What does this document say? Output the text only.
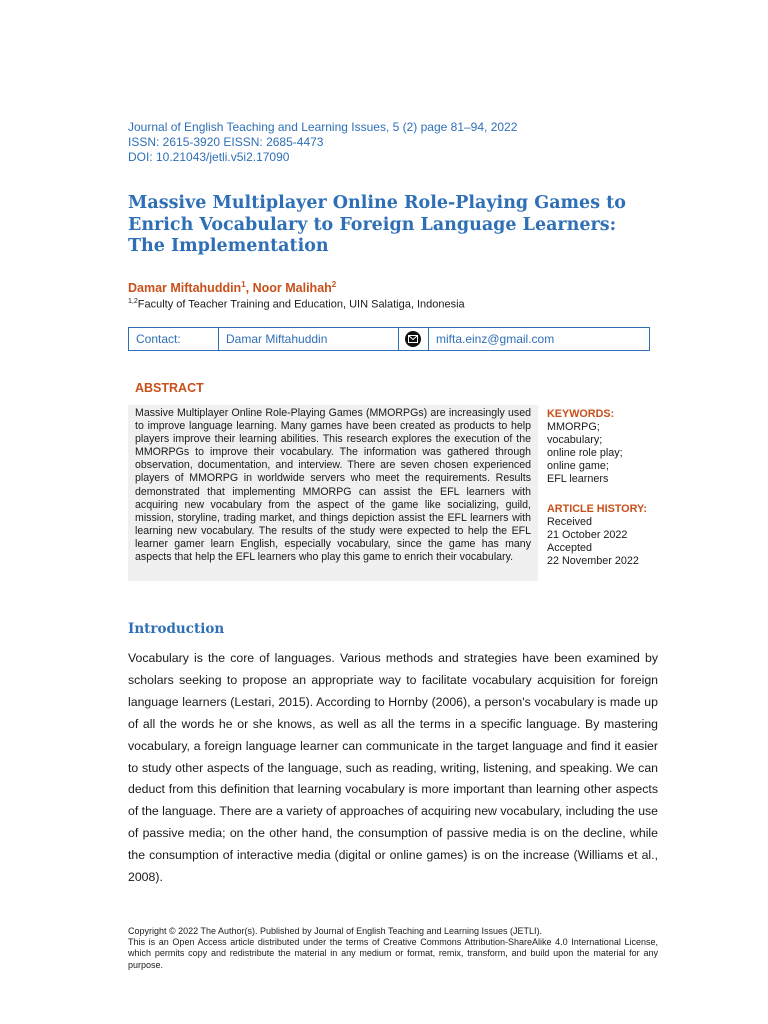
Journal of English Teaching and Learning Issues, 5 (2) page 81–94, 2022
ISSN: 2615-3920 EISSN: 2685-4473
DOI: 10.21043/jetli.v5i2.17090
Massive Multiplayer Online Role-Playing Games to Enrich Vocabulary to Foreign Language Learners: The Implementation
Damar Miftahuddin$^1$, Noor Malihah$^2$
$^{1,2}$Faculty of Teacher Training and Education, UIN Salatiga, Indonesia
Contact:	Damar Miftahuddin	mifta.einz@gmail.com
ABSTRACT
Massive Multiplayer Online Role-Playing Games (MMORPGs) are increasingly used to improve language learning. Many games have been created as products to help players improve their learning abilities. This research explores the execution of the MMORPGs to improve their vocabulary. The information was gathered through observation, documentation, and interview. There are seven chosen experienced players of MMORPG in worldwide servers who meet the requirements. Results demonstrated that implementing MMORPG can assist the EFL learners with acquiring new vocabulary from the aspect of the game like socializing, guild, mission, storyline, trading market, and things depiction assist the EFL learners with learning new vocabulary. The results of the study were expected to help the EFL learner gamer learn English, especially vocabulary, since the game has many aspects that help the EFL learners who play this game to enrich their vocabulary.
KEYWORDS:
MMORPG;
vocabulary;
online role play;
online game;
EFL learners
ARTICLE HISTORY:
Received
21 October 2022
Accepted
22 November 2022
Introduction

Vocabulary is the core of languages. Various methods and strategies have been examined by scholars seeking to propose an appropriate way to facilitate vocabulary acquisition for foreign language learners (Lestari, 2015). According to Hornby (2006), a person's vocabulary is made up of all the words he or she knows, as well as all the terms in a specific language. By mastering vocabulary, a foreign language learner can communicate in the target language and find it easier to study other aspects of the language, such as reading, writing, listening, and speaking. We can deduct from this definition that learning vocabulary is more important than learning other aspects of the language. There are a variety of approaches of acquiring new vocabulary, including the use of passive media; on the other hand, the consumption of passive media is on the decline, while the consumption of interactive media (digital or online games) is on the increase (Williams et al., 2008).

Copyright © 2022 The Author(s). Published by Journal of English Teaching and Learning Issues (JETLI).

This is an Open Access article distributed under the terms of Creative Commons Attribution-ShareAlike 4.0 International License, which permits copy and redistribute the material in any medium or format, remix, transform, and build upon the material for any purpose.
